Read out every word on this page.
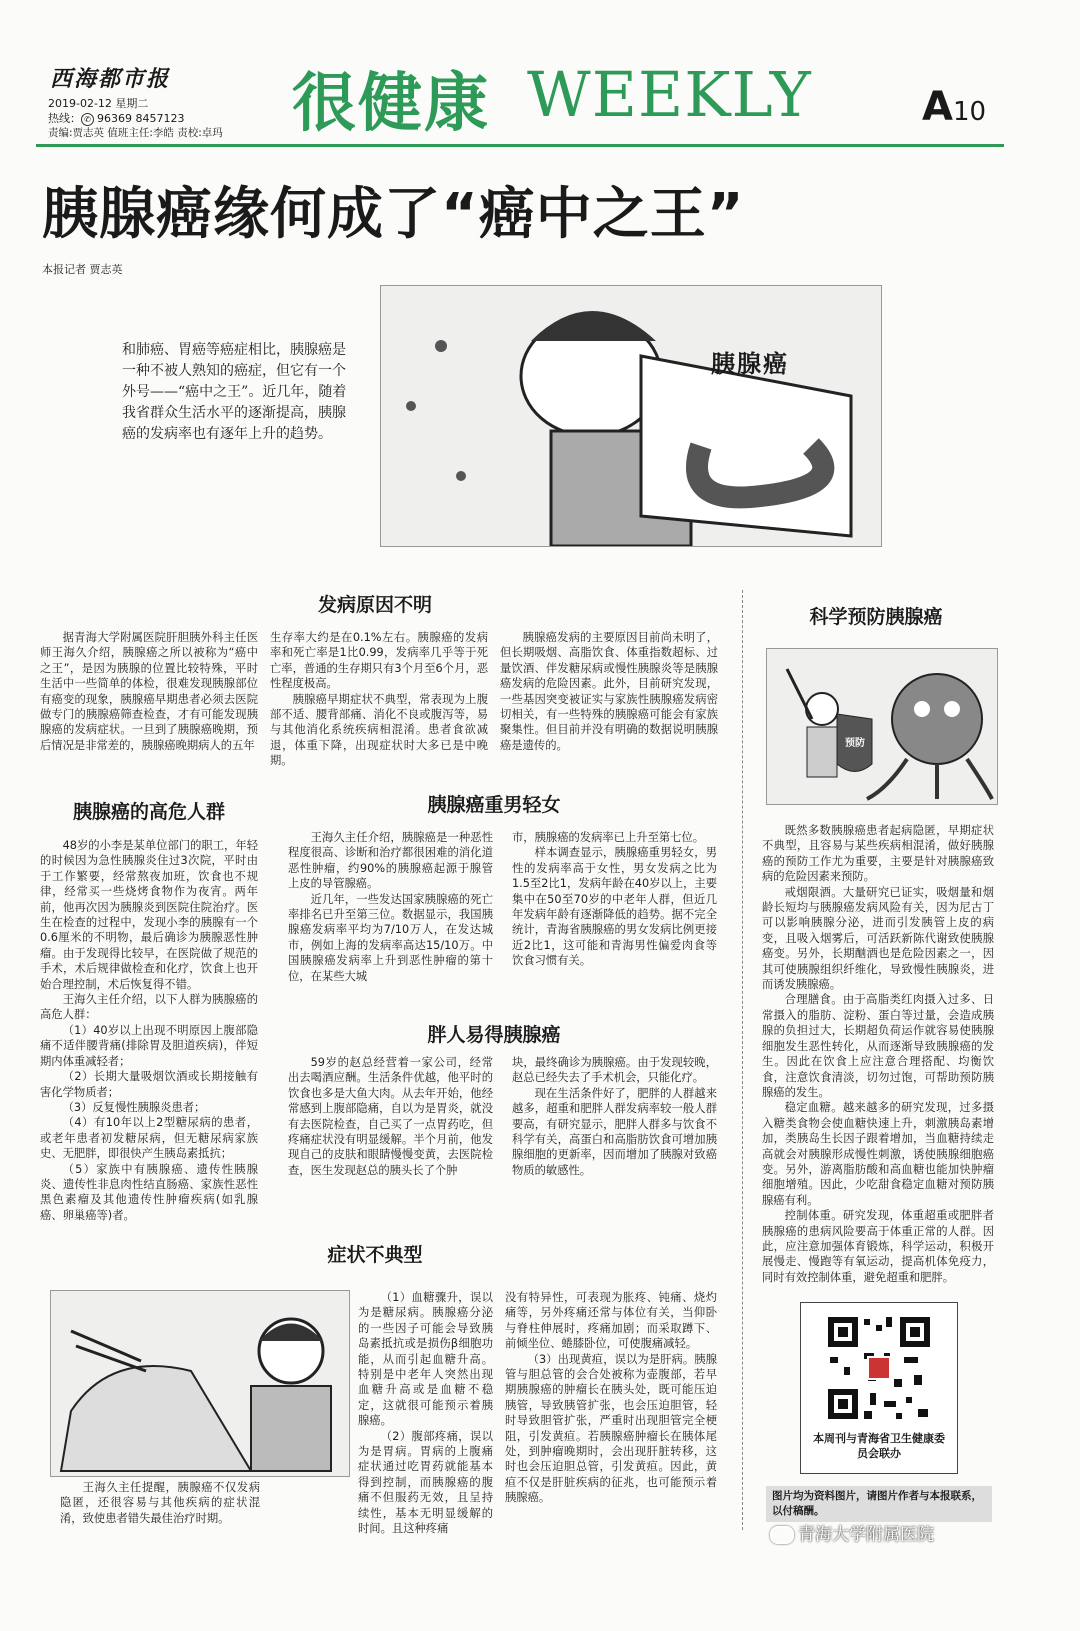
西海都市报
2019-02-12 星期二
热线： ✆ 96369 8457123
责编:贾志英 值班主任:李皓 责校:卓玛 很健康 WEEKLY	A10
胰腺癌缘何成了“癌中之王”
本报记者 贾志英
和肺癌、胃癌等癌症相比，胰腺癌是一种不被人熟知的癌症，但它有一个外号——“癌中之王”。近几年，随着我省群众生活水平的逐渐提高，胰腺癌的发病率也有逐年上升的趋势。
胰腺癌
发病原因不明

据青海大学附属医院肝胆胰外科主任医师王海久介绍，胰腺癌之所以被称为“癌中之王”，是因为胰腺的位置比较特殊，平时生活中一些简单的体检，很难发现胰腺部位有癌变的现象，胰腺癌早期患者必须去医院做专门的胰腺癌筛查检查，才有可能发现胰腺癌的发病症状。一旦到了胰腺癌晚期，预后情况是非常差的，胰腺癌晚期病人的五年

生存率大约是在0.1%左右。胰腺癌的发病率和死亡率是1比0.99，发病率几乎等于死亡率，普通的生存期只有3个月至6个月，恶性程度极高。

胰腺癌早期症状不典型，常表现为上腹部不适、腰背部痛、消化不良或腹泻等，易与其他消化系统疾病相混淆。患者食欲减退，体重下降，出现症状时大多已是中晚期。

胰腺癌发病的主要原因目前尚未明了，但长期吸烟、高脂饮食、体重指数超标、过量饮酒、伴发糖尿病或慢性胰腺炎等是胰腺癌发病的危险因素。此外，目前研究发现，一些基因突变被证实与家族性胰腺癌发病密切相关，有一些特殊的胰腺癌可能会有家族聚集性。但目前并没有明确的数据说明胰腺癌是遗传的。

胰腺癌的高危人群

48岁的小李是某单位部门的职工，年轻的时候因为急性胰腺炎住过3次院，平时由于工作繁要，经常熬夜加班，饮食也不规律，经常买一些烧烤食物作为夜宵。两年前，他再次因为胰腺炎到医院住院治疗。医生在检查的过程中，发现小李的胰腺有一个0.6厘米的不明物，最后确诊为胰腺恶性肿瘤。由于发现得比较早，在医院做了规范的手术，术后规律做检查和化疗，饮食上也开始合理控制，术后恢复得不错。

王海久主任介绍，以下人群为胰腺癌的高危人群：

（1）40岁以上出现不明原因上腹部隐痛不适伴腰背痛(排除胃及胆道疾病)，伴短期内体重减轻者；

（2）长期大量吸烟饮酒或长期接触有害化学物质者；

（3）反复慢性胰腺炎患者；

（4）有10年以上2型糖尿病的患者，或老年患者初发糖尿病，但无糖尿病家族史、无肥胖，即很快产生胰岛素抵抗；

（5）家族中有胰腺癌、遗传性胰腺炎、遗传性非息肉性结直肠癌、家族性恶性黑色素瘤及其他遗传性肿瘤疾病(如乳腺癌、卵巢癌等)者。

胰腺癌重男轻女

王海久主任介绍，胰腺癌是一种恶性程度很高、诊断和治疗都很困难的消化道恶性肿瘤，约90%的胰腺癌起源于腺管上皮的导管腺癌。

近几年，一些发达国家胰腺癌的死亡率排名已升至第三位。数据显示，我国胰腺癌发病率平均为7/10万人，在发达城市，例如上海的发病率高达15/10万。中国胰腺癌发病率上升到恶性肿瘤的第十位，在某些大城

市，胰腺癌的发病率已上升至第七位。

样本调查显示，胰腺癌重男轻女，男性的发病率高于女性，男女发病之比为1.5至2比1，发病年龄在40岁以上，主要集中在50至70岁的中老年人群，但近几年发病年龄有逐渐降低的趋势。据不完全统计，青海省胰腺癌的男女发病比例更接近2比1，这可能和青海男性偏爱肉食等饮食习惯有关。

胖人易得胰腺癌

59岁的赵总经营着一家公司，经常出去喝酒应酬。生活条件优越，他平时的饮食也多是大鱼大肉。从去年开始，他经常感到上腹部隐痛，自以为是胃炎，就没有去医院检查，自己买了一点胃药吃，但疼痛症状没有明显缓解。半个月前，他发现自己的皮肤和眼睛慢慢变黄，去医院检查，医生发现赵总的胰头长了个肿

块，最终确诊为胰腺癌。由于发现较晚，赵总已经失去了手术机会，只能化疗。

现在生活条件好了，肥胖的人群越来越多，超重和肥胖人群发病率较一般人群要高，有研究显示，肥胖人群多与饮食不科学有关，高蛋白和高脂肪饮食可增加胰腺细胞的更新率，因而增加了胰腺对致癌物质的敏感性。

症状不典型

王海久主任提醒，胰腺癌不仅发病隐匿，还很容易与其他疾病的症状混淆，致使患者错失最佳治疗时期。

（1）血糖骤升，误以为是糖尿病。胰腺癌分泌的一些因子可能会导致胰岛素抵抗或是损伤β细胞功能，从而引起血糖升高。特别是中老年人突然出现血糖升高或是血糖不稳定，这就很可能预示着胰腺癌。

（2）腹部疼痛，误以为是胃病。胃病的上腹痛症状通过吃胃药就能基本得到控制，而胰腺癌的腹痛不但服药无效，且呈持续性，基本无明显缓解的时间。且这种疼痛

没有特异性，可表现为胀疼、钝痛、烧灼痛等，另外疼痛还常与体位有关，当仰卧与脊柱伸展时，疼痛加剧；而采取蹲下、前倾坐位、蜷膝卧位，可使腹痛减轻。

（3）出现黄疸，误以为是肝病。胰腺管与胆总管的会合处被称为壶腹部，若早期胰腺癌的肿瘤长在胰头处，既可能压迫胰管，导致胰管扩张，也会压迫胆管，轻时导致胆管扩张，严重时出现胆管完全梗阻，引发黄疸。若胰腺癌肿瘤长在胰体尾处，到肿瘤晚期时，会出现肝脏转移，这时也会压迫胆总管，引发黄疸。因此，黄疸不仅是肝脏疾病的征兆，也可能预示着胰腺癌。

科学预防胰腺癌
预防

既然多数胰腺癌患者起病隐匿，早期症状不典型，且容易与某些疾病相混淆，做好胰腺癌的预防工作尤为重要，主要是针对胰腺癌致病的危险因素来预防。

戒烟限酒。大量研究已证实，吸烟量和烟龄长短均与胰腺癌发病风险有关，因为尼古丁可以影响胰腺分泌，进而引发胰管上皮的病变，且吸入烟雾后，可活跃新陈代谢致使胰腺癌变。另外，长期酗酒也是危险因素之一，因其可使胰腺组织纤维化，导致慢性胰腺炎，进而诱发胰腺癌。

合理膳食。由于高脂类红肉摄入过多、日常摄入的脂肪、淀粉、蛋白等过量，会造成胰腺的负担过大，长期超负荷运作就容易使胰腺细胞发生恶性转化，从而逐渐导致胰腺癌的发生。因此在饮食上应注意合理搭配、均衡饮食，注意饮食清淡，切勿过饱，可帮助预防胰腺癌的发生。

稳定血糖。越来越多的研究发现，过多摄入糖类食物会使血糖快速上升，刺激胰岛素增加，类胰岛生长因子跟着增加，当血糖持续走高就会对胰腺形成慢性刺激，诱使胰腺细胞癌变。另外，游离脂肪酸和高血糖也能加快肿瘤细胞增殖。因此，少吃甜食稳定血糖对预防胰腺癌有利。

控制体重。研究发现，体重超重或肥胖者胰腺癌的患病风险要高于体重正常的人群。因此，应注意加强体育锻炼，科学运动，积极开展慢走、慢跑等有氧运动，提高机体免疫力，同时有效控制体重，避免超重和肥胖。

本周刊与青海省卫生健康委员会联办
图片均为资料图片，请图片作者与本报联系，以付稿酬。
青海大学附属医院
